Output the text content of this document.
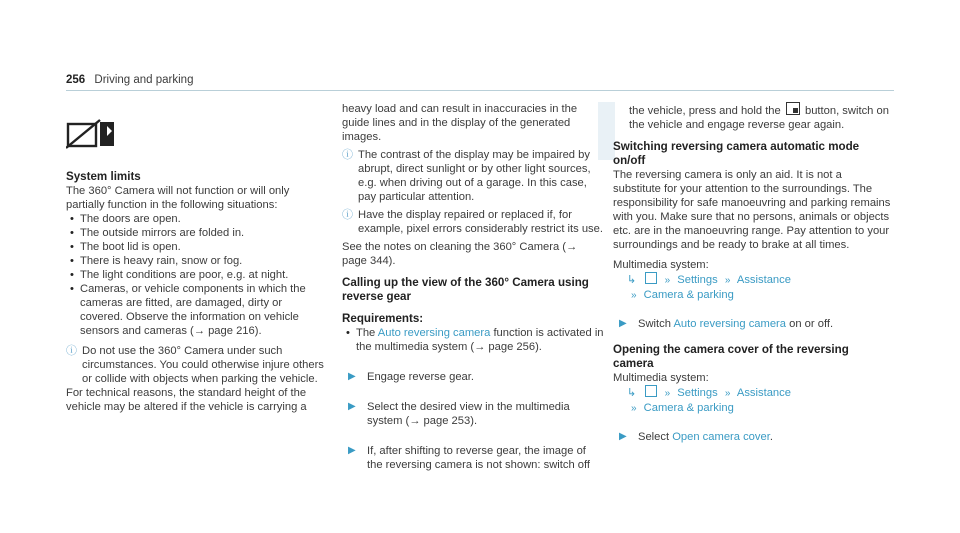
256 Driving and parking
System limits

The 360° Camera will not function or will only partially function in the following situations:

• The doors are open.
• The outside mirrors are folded in.
• The boot lid is open.
• There is heavy rain, snow or fog.
• The light conditions are poor, e.g. at night.
• Cameras, or vehicle components in which the cameras are fitted, are damaged, dirty or covered. Observe the information on vehicle sensors and cameras (→ page 216).
ⓘ Do not use the 360° Camera under such circumstances. You could otherwise injure others or collide with objects when parking the vehicle.

For technical reasons, the standard height of the vehicle may be altered if the vehicle is carrying a

heavy load and can result in inaccuracies in the guide lines and in the display of the generated images.

ⓘ The contrast of the display may be impaired by abrupt, direct sunlight or by other light sources, e.g. when driving out of a garage. In this case, pay particular attention.
ⓘ Have the display repaired or replaced if, for example, pixel errors considerably restrict its use.

See the notes on cleaning the 360° Camera (→ page 344).

Calling up the view of the 360° Camera using reverse gear
Requirements:
• The Auto reversing camera function is activated in the multimedia system (→ page 256).
▶ Engage reverse gear.
▶ Select the desired view in the multimedia system (→ page 253).
▶ If, after shifting to reverse gear, the image of the reversing camera is not shown: switch off
the vehicle, press and hold the button, switch on the vehicle and engage reverse gear again.
Switching reversing camera automatic mode on/off

The reversing camera is only an aid. It is not a substitute for your attention to the surroundings. The responsibility for safe manoeuvring and parking remains with you. Make sure that no persons, animals or objects etc. are in the manoeuvring range. Pay attention to your surroundings and be ready to brake at all times.

Multimedia system:

↳	» Settings » Assistance
» Camera & parking
▶ Switch Auto reversing camera on or off.
Opening the camera cover of the reversing camera

Multimedia system:

↳	» Settings » Assistance
» Camera & parking
▶ Select Open camera cover.
